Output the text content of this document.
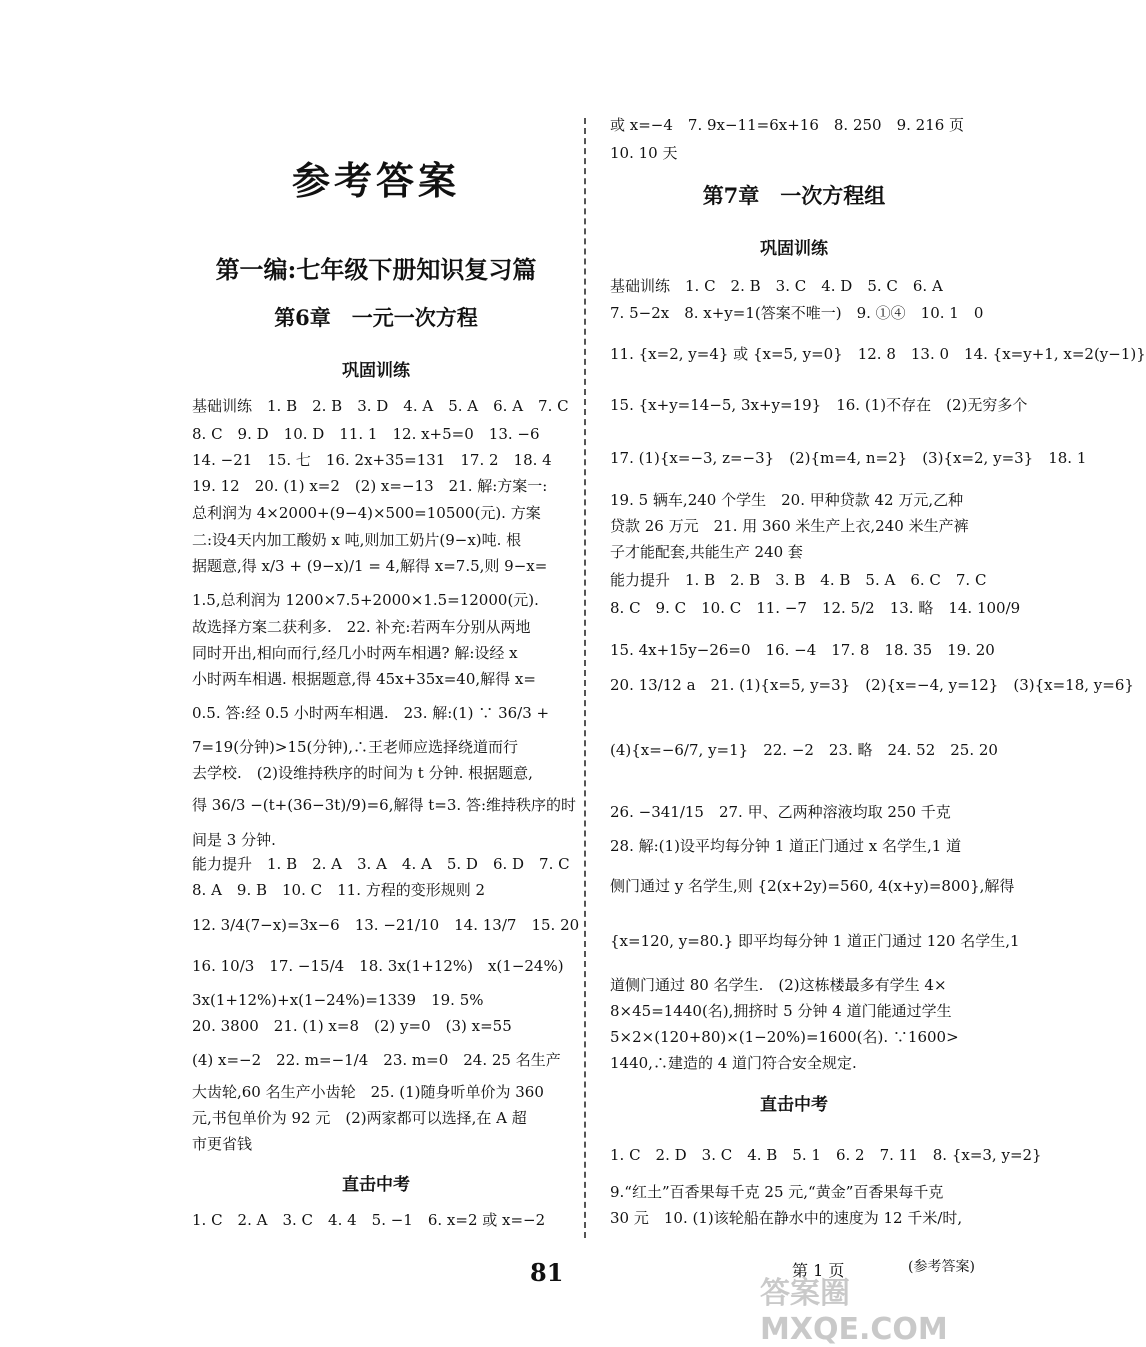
参考答案
第一编:七年级下册知识复习篇
第6章　一元一次方程
巩固训练
直击中考
第7章　一次方程组
巩固训练
直击中考
基础训练　1. B　2. B　3. D　4. A　5. A　6. A　7. C
8. C　9. D　10. D　11. 1　12. x+5=0　13. −6
14. −21　15. 七　16. 2x+35=131　17. 2　18. 4
19. 12　20. (1) x=2　(2) x=−13　21. 解:方案一:
总利润为 4×2000+(9−4)×500=10500(元). 方案
二:设4天内加工酸奶 x 吨,则加工奶片(9−x)吨. 根
据题意,得 x/3 + (9−x)/1 = 4,解得 x=7.5,则 9−x=
1.5,总利润为 1200×7.5+2000×1.5=12000(元).
故选择方案二获利多.　22. 补充:若两车分别从两地
同时开出,相向而行,经几小时两车相遇? 解:设经 x
小时两车相遇. 根据题意,得 45x+35x=40,解得 x=
0.5. 答:经 0.5 小时两车相遇.　23. 解:(1) ∵ 36/3 +
7=19(分钟)>15(分钟),∴王老师应选择绕道而行
去学校.　(2)设维持秩序的时间为 t 分钟. 根据题意,
得 36/3 −(t+(36−3t)/9)=6,解得 t=3. 答:维持秩序的时
间是 3 分钟.
能力提升　1. B　2. A　3. A　4. A　5. D　6. D　7. C
8. A　9. B　10. C　11. 方程的变形规则 2
12. 3/4(7−x)=3x−6　13. −21/10　14. 13/7　15. 20
16. 10/3　17. −15/4　18. 3x(1+12%)　x(1−24%)
3x(1+12%)+x(1−24%)=1339　19. 5%
20. 3800　21. (1) x=8　(2) y=0　(3) x=55
(4) x=−2　22. m=−1/4　23. m=0　24. 25 名生产
大齿轮,60 名生产小齿轮　25. (1)随身听单价为 360
元,书包单价为 92 元　(2)两家都可以选择,在 A 超
市更省钱
1. C　2. A　3. C　4. 4　5. −1　6. x=2 或 x=−2
或 x=−4　7. 9x−11=6x+16　8. 250　9. 216 页
10. 10 天
基础训练　1. C　2. B　3. C　4. D　5. C　6. A
7. 5−2x　8. x+y=1(答案不唯一)　9. ①④　10. 1　0
11. {x=2, y=4} 或 {x=5, y=0}　12. 8　13. 0　14. {x=y+1, x=2(y−1)}
15. {x+y=14−5, 3x+y=19}　16. (1)不存在　(2)无穷多个
17. (1){x=−3, z=−3}　(2){m=4, n=2}　(3){x=2, y=3}　18. 1
19. 5 辆车,240 个学生　20. 甲种贷款 42 万元,乙种
贷款 26 万元　21. 用 360 米生产上衣,240 米生产裤
子才能配套,共能生产 240 套
能力提升　1. B　2. B　3. B　4. B　5. A　6. C　7. C
8. C　9. C　10. C　11. −7　12. 5/2　13. 略　14. 100/9
15. 4x+15y−26=0　16. −4　17. 8　18. 35　19. 20
20. 13/12 a　21. (1){x=5, y=3}　(2){x=−4, y=12}　(3){x=18, y=6}
(4){x=−6/7, y=1}　22. −2　23. 略　24. 52　25. 20
26. −341/15　27. 甲、乙两种溶液均取 250 千克
28. 解:(1)设平均每分钟 1 道正门通过 x 名学生,1 道
侧门通过 y 名学生,则 {2(x+2y)=560, 4(x+y)=800},解得
{x=120, y=80.} 即平均每分钟 1 道正门通过 120 名学生,1
道侧门通过 80 名学生.　(2)这栋楼最多有学生 4×
8×45=1440(名),拥挤时 5 分钟 4 道门能通过学生
5×2×(120+80)×(1−20%)=1600(名). ∵1600>
1440,∴建造的 4 道门符合安全规定.
1. C　2. D　3. C　4. B　5. 1　6. 2　7. 11　8. {x=3, y=2}
9.“红土”百香果每千克 25 元,“黄金”百香果每千克
30 元　10. (1)该轮船在静水中的速度为 12 千米/时,
81	第 1 页	(参考答案)
答案圈 MXQE.COM
